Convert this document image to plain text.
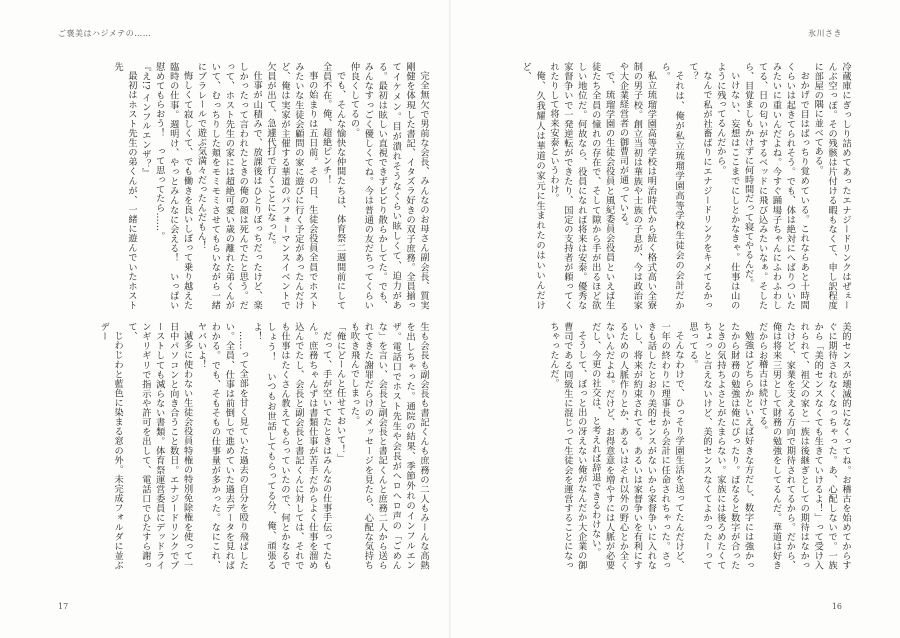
ご褒美はハジメテの……
完全無欠で男前な会長、みんなのお母さん副会長、質実剛健を体現した書記、イタズラ好きの双子庶務。全員揃ってイケメン。目が潰れそうなくらい眩しくて、迫力がある。最初は眩しい直視できずビビり散らかしてた。でも、みんなすっごく優しくてね。今は普通の友だちってくらい仲良くしてるの。
でも、そんな愉快な仲間たちは、体育祭二週間前にして全員不在。俺、超絶ピンチ！
事の始まりは五日前。その日、生徒会役員全員でホストみたいな生徒会顧問の家に遊びに行く予定があったんだけど、俺は実家が主催する華道のパフォーマンスイベントで欠員が出て、急遽代打で行くことになった。
仕事が山積みで、放課後はひとりぼっちだったけど、楽しかったって言われたときの俺の顔は死んでたと思う。だって、ホスト先生の家には超絶可愛い歳の離れた弟くんがいて、むっちりした頬をモミモミさせてもらいながら一緒にブラレールで遊ぶ気満々だったんだもん！
悔しくて寂しくて、でも働きを良いしぼって乗り越えた臨時の仕事。週明け、やっとみんなに会える！　いっぱい慰めてもらおう！　って思ってたら……。
『え!? インフルエンザ？』
最初はホスト先生の弟くんが、一緒に遊んでいたホスト先
生も会長も副会長も書記くんも庶務の二人もみーんな高熱を出しちゃった。通院の結果、季節外れのインフルエンザ。電話口でホスト先生や会長がヘロヘロ声の「ごめんな」を言い、会長と副会長と書記くんと庶務二人から送られてきた謝罪だらけのメッセージを見たら、心配な気持ちも吹き飛んでしまった。
「俺にどーんと任せておいて！」
だって、手が空いてたときはみんなの仕事手伝ってたもん。庶務ちゃんずは書類仕事が苦手だからよく仕事を溜め込んでたし、会長と副会長と書記くんに対しては、それでも仕事はたくさん教えてもらっていたので、何とかなるでしょう！　いつもお世話してもらってる分、俺、頑張るよ！
……って全部を甘く見ていた過去の自分を殴り飛ばしたい。全員、仕事は前倒しで進めていた過去データを見ればわかる。でも、そもそもの仕事量が多かった。なにこれ、ヤバいよ！
滅多に使わない生徒会役員特権の特別免除権を使って一日中パソコンと向き合うこと数日。エナジードリンクでブーストしても減らない書類。体育祭運営委員にデッドラインギリギリで指示や許可を出して、電話口でひたすら謝って、
じわじわと藍色に染まる窓の外。未完成フォルダに並ぶデー
17
氷川さき
冷蔵庫にぎっしり詰めてあったエナジードリンクはぜぇーんぶ空っぽ。その残骸は片付ける暇もなくて、申し訳程度に部屋の隅に並べてある。
おかげで目はばっちり覚めている。これならあと十時間くらいは起きてられそう。でも、体は絶対にへばりついたみたいに重いんだよね。今すぐ踊場子ちゃんにふわふわしてる、日の匂いがするベッドに飛び込みたいなぁ。そしたら、目覚ましもかけずに何時間だって寝てやるんだ。
いけない、妄想はここまでにしとかなきゃ。仕事は山のように残ってるんだから。
なんで私が社畜ばりにエナジードリンクをキメてるかって？
それは、俺が私立琉瑠学園高等学校生徒会の会計だから。
私立琉瑠学園高等学校は明治時代から続く格式高い全寮制の男子校。創立当初は華族や士族の子息が、今は政治家や大企業経営者の御曹司が通っている。
で、琉瑠学園の生徒会役員と風紀委員会役員といえば生徒たち全員の憧れの存在で、そして隙から手が出るほど欲しい地位だ。何故なら、役員になれば将来は安泰。優秀な家督争いで一発逆転ができたり、国定の支持者が頼ってくれたりして将来安泰というわけ。
俺、久我耀人は華道の家元に生まれたのはいいんだけど、
美的センスが壊滅的になくってね。お稽古を始めてからすぐに期待されなくなっちゃった。あ、心配しないで。一族から「美的センスなくても生きていけるよ！」って受け入れられて、祖父の家と一族は後継ぎとしての期待はなかったけど、家業を支える方向で期待されてるから。だから、俺は将来三男として財務の勉強をしてるんだ。華道は好きだからお稽古は続けてる。
勉強はどちらかといえば好きな方だし、数字には強かったから財務の勉強は俺にぴったり。ばなると数字が合ったときの気持ちよさとがたまらない。家族には後ろめたくてちょっと言えないけど、美的センスなくてよかったーって思ってる。
そんなわけで、ひっそり学園生活を送ってたんだけど、一年の終わりに理事長から会計に任命されちゃった。さっきも話したとおり美的センスがないから家督争いに入れないし、将来が約束されてる。あるいは家督争いを有利にするための人脈作りとか、あるいはそれ以外の野心とか全くないんだよね。だけど、お得意意を増やすには人脈が必要だし、今更の社交は、と考えれば辞退できるわけない。
そうして、ぼっと出の冴えない俺がなんだか大企業の御曹司である同級生に混じって生徒会を運営することになっちゃったんだ。
16
